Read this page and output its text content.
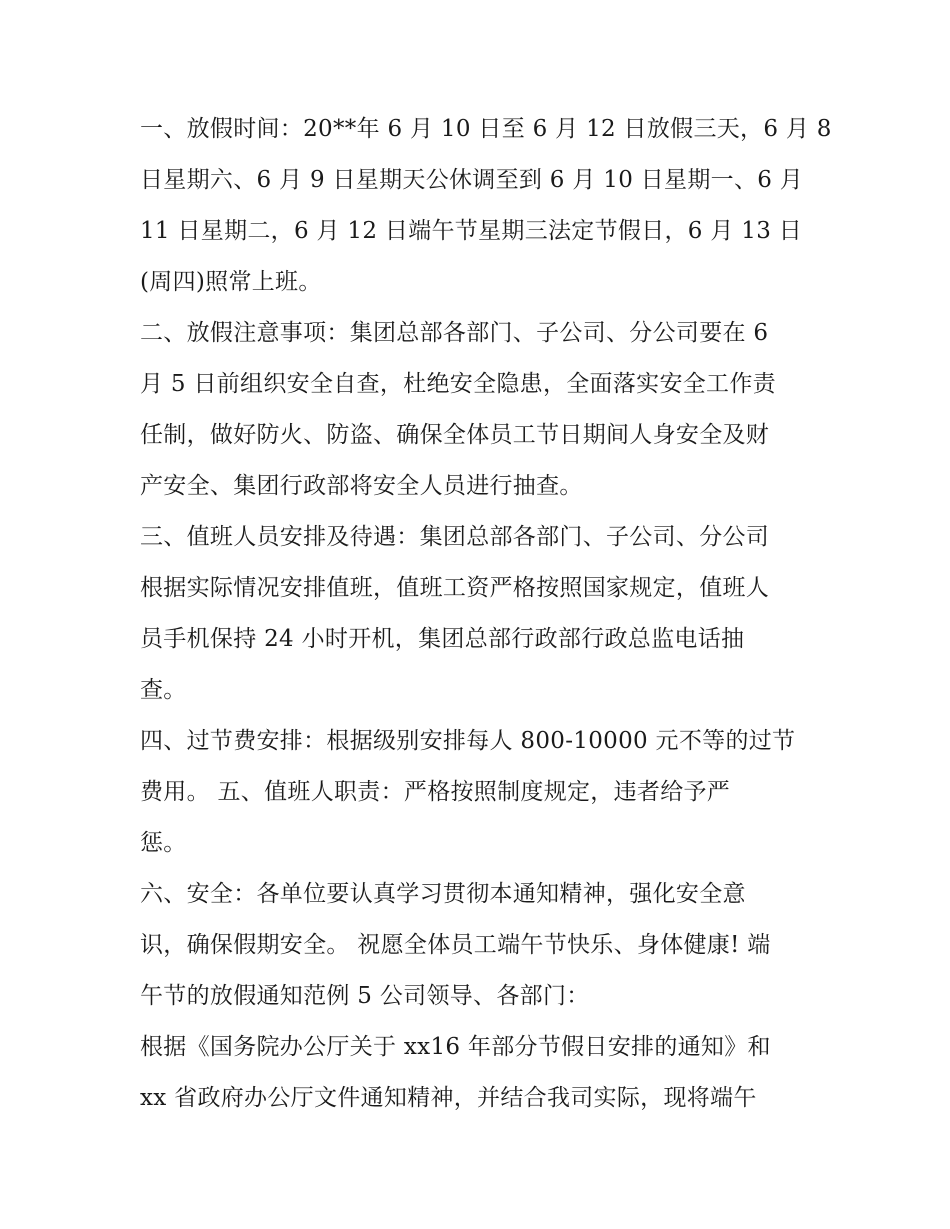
一、放假时间：20**年 6 月 10 日至 6 月 12 日放假三天，6 月 8
日星期六、6 月 9 日星期天公休调至到 6 月 10 日星期一、6 月
11 日星期二，6 月 12 日端午节星期三法定节假日，6 月 13 日
(周四)照常上班。
二、放假注意事项：集团总部各部门、子公司、分公司要在 6
月 5 日前组织安全自查，杜绝安全隐患，全面落实安全工作责
任制，做好防火、防盗、确保全体员工节日期间人身安全及财
产安全、集团行政部将安全人员进行抽查。
三、值班人员安排及待遇：集团总部各部门、子公司、分公司
根据实际情况安排值班，值班工资严格按照国家规定，值班人
员手机保持 24 小时开机，集团总部行政部行政总监电话抽
查。
四、过节费安排：根据级别安排每人 800-10000 元不等的过节
费用。 五、值班人职责：严格按照制度规定，违者给予严
惩。
六、安全：各单位要认真学习贯彻本通知精神，强化安全意
识，确保假期安全。 祝愿全体员工端午节快乐、身体健康! 端
午节的放假通知范例 5 公司领导、各部门：
根据《国务院办公厅关于 xx16 年部分节假日安排的通知》和
xx 省政府办公厅文件通知精神，并结合我司实际，现将端午
